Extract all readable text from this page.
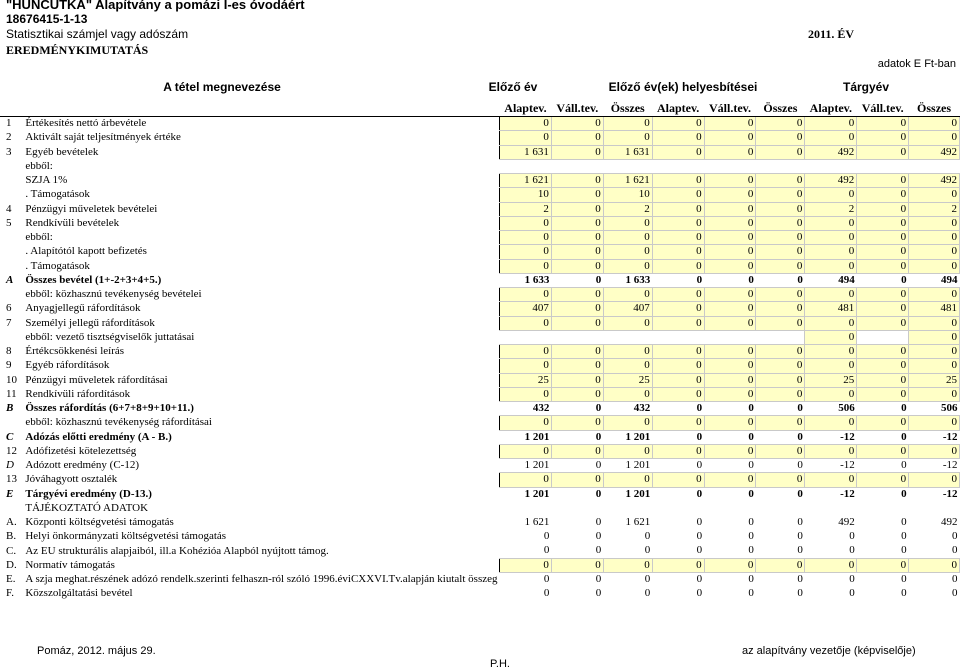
"HUNCUTKA" Alapítvány a pomázi I-es óvodáért
18676415-1-13
Statisztikai számjel vagy adószám	2011. ÉV
EREDMÉNYKIMUTATÁS
adatok E Ft-ban
A tétel megnevezése	Előző év	Előző év(ek) helyesbítései	Tárgyév
		Alaptev.	Váll.tev.	Összes	Alaptev.	Váll.tev.	Összes	Alaptev.	Váll.tev.	Összes
1	Értékesítés nettó árbevétele	0	0	0	0	0	0	0	0	0
2	Aktivált saját teljesítmények értéke	0	0	0	0	0	0	0	0	0
3	Egyéb bevételek	1 631	0	1 631	0	0	0	492	0	492
	ebből:									
	SZJA 1%	1 621	0	1 621	0	0	0	492	0	492
	. Támogatások	10	0	10	0	0	0	0	0	0
4	Pénzügyi műveletek bevételei	2	0	2	0	0	0	2	0	2
5	Rendkívüli bevételek	0	0	0	0	0	0	0	0	0
	ebből:	0	0	0	0	0	0	0	0	0
	. Alapítótól kapott befizetés	0	0	0	0	0	0	0	0	0
	. Támogatások	0	0	0	0	0	0	0	0	0
A	Összes bevétel (1+-2+3+4+5.)	1 633	0	1 633	0	0	0	494	0	494
	ebből: közhasznú tevékenység bevételei	0	0	0	0	0	0	0	0	0
6	Anyagjellegű ráfordítások	407	0	407	0	0	0	481	0	481
7	Személyi jellegű ráfordítások	0	0	0	0	0	0	0	0	0
	ebből: vezető tisztségviselők juttatásai							0		0
8	Értékcsökkenési leírás	0	0	0	0	0	0	0	0	0
9	Egyéb ráfordítások	0	0	0	0	0	0	0	0	0
10	Pénzügyi műveletek ráfordításai	25	0	25	0	0	0	25	0	25
11	Rendkívüli ráfordítások	0	0	0	0	0	0	0	0	0
B	Összes ráfordítás (6+7+8+9+10+11.)	432	0	432	0	0	0	506	0	506
	ebből: közhasznú tevékenység ráfordításai	0	0	0	0	0	0	0	0	0
C	Adózás előtti eredmény (A - B.)	1 201	0	1 201	0	0	0	-12	0	-12
12	Adófizetési kötelezettség	0	0	0	0	0	0	0	0	0
D	Adózott eredmény (C-12)	1 201	0	1 201	0	0	0	-12	0	-12
13	Jóváhagyott osztalék	0	0	0	0	0	0	0	0	0
E	Tárgyévi eredmény (D-13.)	1 201	0	1 201	0	0	0	-12	0	-12
	TÁJÉKOZTATÓ ADATOK									
A.	Központi költségvetési támogatás	1 621	0	1 621	0	0	0	492	0	492
B.	Helyi önkormányzati költségvetési támogatás	0	0	0	0	0	0	0	0	0
C.	Az EU strukturális alapjaiból, ill.a Kohézióa Alapból nyújtott támog.	0	0	0	0	0	0	0	0	0
D.	Normatív támogatás	0	0	0	0	0	0	0	0	0
E.	A szja meghat.részének adózó rendelk.szerinti felhaszn-ról szóló 1996.éviCXXVI.Tv.alapján kiutalt összeg	0	0	0	0	0	0	0	0	0
F.	Közszolgáltatási bevétel	0	0	0	0	0	0	0	0	0
Pomáz, 2012. május 29.	az alapítvány vezetője (képviselője)
P.H.
